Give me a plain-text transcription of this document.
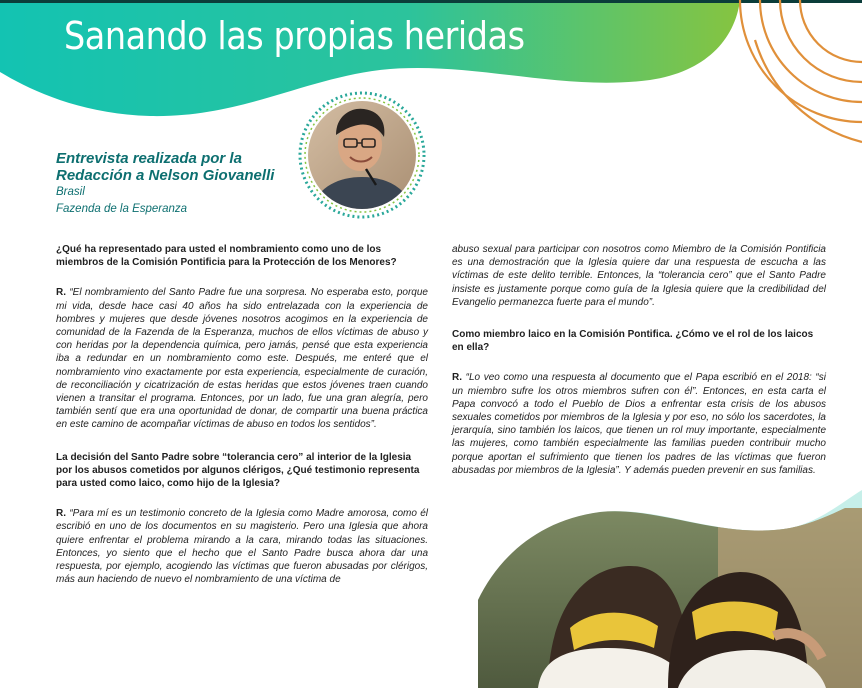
Sanando las propias heridas
Entrevista realizada por la
Redacción a Nelson Giovanelli
Brasil
Fazenda de la Esperanza

¿Qué ha representado para usted el nombramiento como uno de los miembros de la Comisión Pontificia para la Protección de los Menores?

R. “El nombramiento del Santo Padre fue una sorpresa. No esperaba esto, porque mi vida, desde hace casi 40 años ha sido entrelazada con la experiencia de hombres y mujeres que desde jóvenes nosotros acogimos en la experiencia de comunidad de la Fazenda de la Esperanza, muchos de ellos víctimas de abuso y con heridas por la dependencia química, pero jamás, pensé que esta experiencia iba a redundar en un nombramiento como este. Después, me enteré que el nombramiento vino exactamente por esta experiencia, especialmente de curación, de reconciliación y cicatrización de estas heridas que estos jóvenes traen cuando vienen a transitar el programa. Entonces, por un lado, fue una gran alegría, pero también sentí que era una oportunidad de donar, de compartir una buena práctica en este camino de acompañar víctimas de abuso en todos los sentidos”.

La decisión del Santo Padre sobre “tolerancia cero” al interior de la Iglesia por los abusos cometidos por algunos clérigos, ¿Qué testimonio representa para usted como laico, como hijo de la Iglesia?

R. “Para mí es un testimonio concreto de la Iglesia como Madre amorosa, como él escribió en uno de los documentos en su magisterio. Pero una Iglesia que ahora quiere enfrentar el problema mirando a la cara, mirando todas las situaciones. Entonces, yo siento que el hecho que el Santo Padre busca ahora dar una respuesta, por ejemplo, acogiendo las víctimas que fueron abusadas por clérigos, más aun haciendo de nuevo el nombramiento de una víctima de

abuso sexual para participar con nosotros como Miembro de la Comisión Pontificia es una demostración que la Iglesia quiere dar una respuesta de escucha a las víctimas de este delito terrible. Entonces, la “tolerancia cero” que el Santo Padre insiste es justamente porque como guía de la Iglesia quiere que la credibilidad del Evangelio permanezca fuerte para el mundo”.

Como miembro laico en la Comisión Pontifica. ¿Cómo ve el rol de los laicos en ella?

R. “Lo veo como una respuesta al documento que el Papa escribió en el 2018: “si un miembro sufre los otros miembros sufren con él”. Entonces, en esta carta el Papa convocó a todo el Pueblo de Dios a enfrentar esta crisis de los abusos sexuales cometidos por miembros de la Iglesia y por eso, no sólo los sacerdotes, la jerarquía, sino también los laicos, que tienen un rol muy importante, especialmente las mujeres, como también especialmente las familias pueden contribuir mucho porque aportan el sufrimiento que tienen los padres de las víctimas que fueron abusadas por miembros de la Iglesia”. Y además pueden prevenir en sus familias.
